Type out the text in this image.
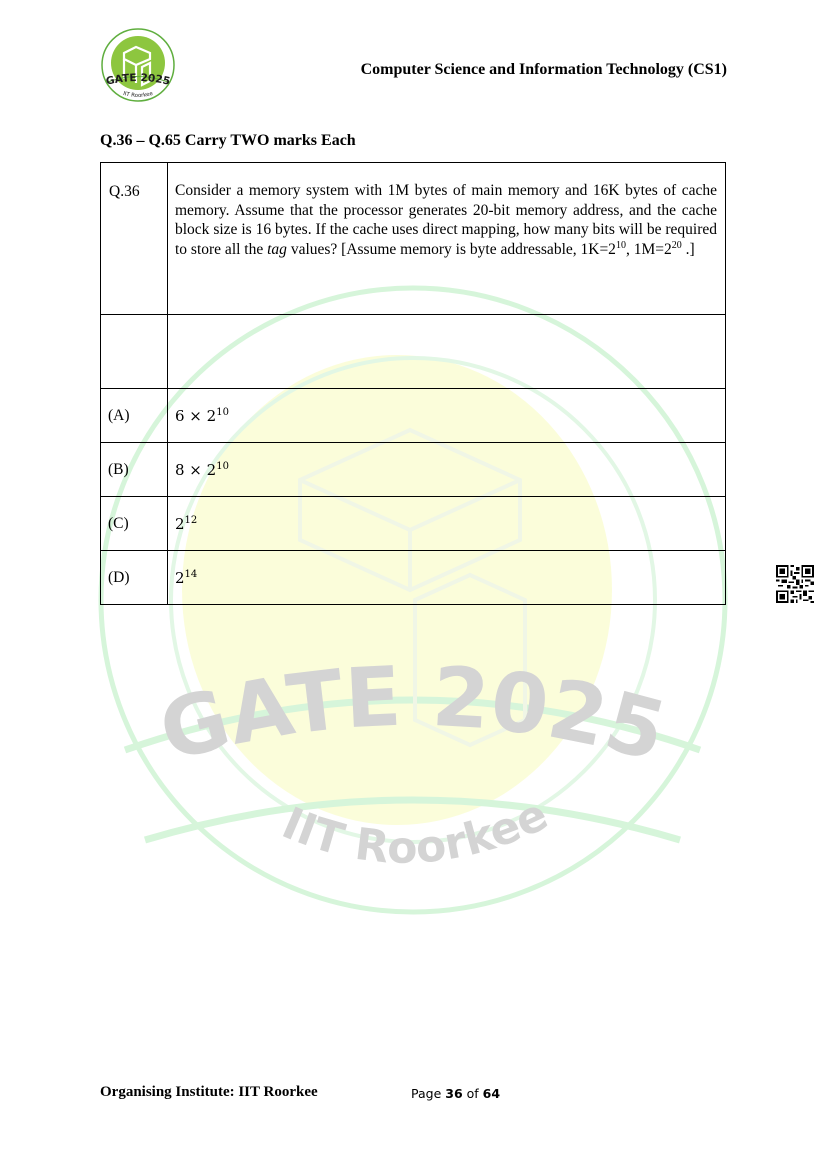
GATE 2025
IIT Roorkee
GATE 2025
IIT Roorkee
Computer Science and Information Technology (CS1)
Q.36 – Q.65 Carry TWO marks Each
Q.36	Consider a memory system with 1M bytes of main memory and 16K bytes of cache memory. Assume that the processor generates 20-bit memory address, and the cache block size is 16 bytes. If the cache uses direct mapping, how many bits will be required to store all the tag values? [Assume memory is byte addressable, $1K=2^{10}$, $1M=2^{20}$ .]

(A)	$6 \times 2^{10}$
(B)	$8 \times 2^{10}$
(C)	$2^{12}$
(D)	$2^{14}$
Organising Institute: IIT Roorkee	Page 36 of 64
